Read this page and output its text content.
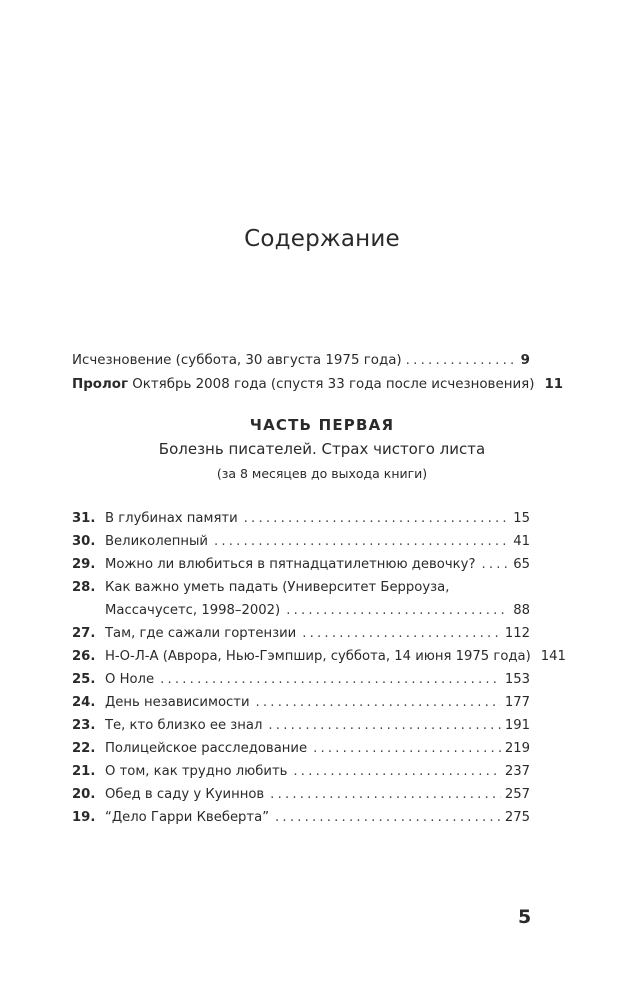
Содержание
Исчезновение (суббота, 30 августа 1975 года) .....	9
Пролог Октябрь 2008 года (спустя 33 года после исчезновения) 11
ЧАСТЬ ПЕРВАЯ
Болезнь писателей. Страх чистого листа
(за 8 месяцев до выхода книги)
31. В глубинах памяти .....	15
30. Великолепный .....	41
29. Можно ли влюбиться в пятнадцатилетнюю девочку? .....	65
28. Как важно уметь падать (Университет Берроуза,
Массачусетс, 1998–2002) .....	88
27. Там, где сажали гортензии .....	112
26. Н-О-Л-А (Аврора, Нью-Гэмпшир, суббота, 14 июня 1975 года) 141
25. О Ноле .....	153
24. День независимости .....	177
23. Те, кто близко ее знал .....	191
22. Полицейское расследование .....	219
21. О том, как трудно любить .....	237
20. Обед в саду у Куиннов .....	257
19. “Дело Гарри Квеберта” .....	275
5
